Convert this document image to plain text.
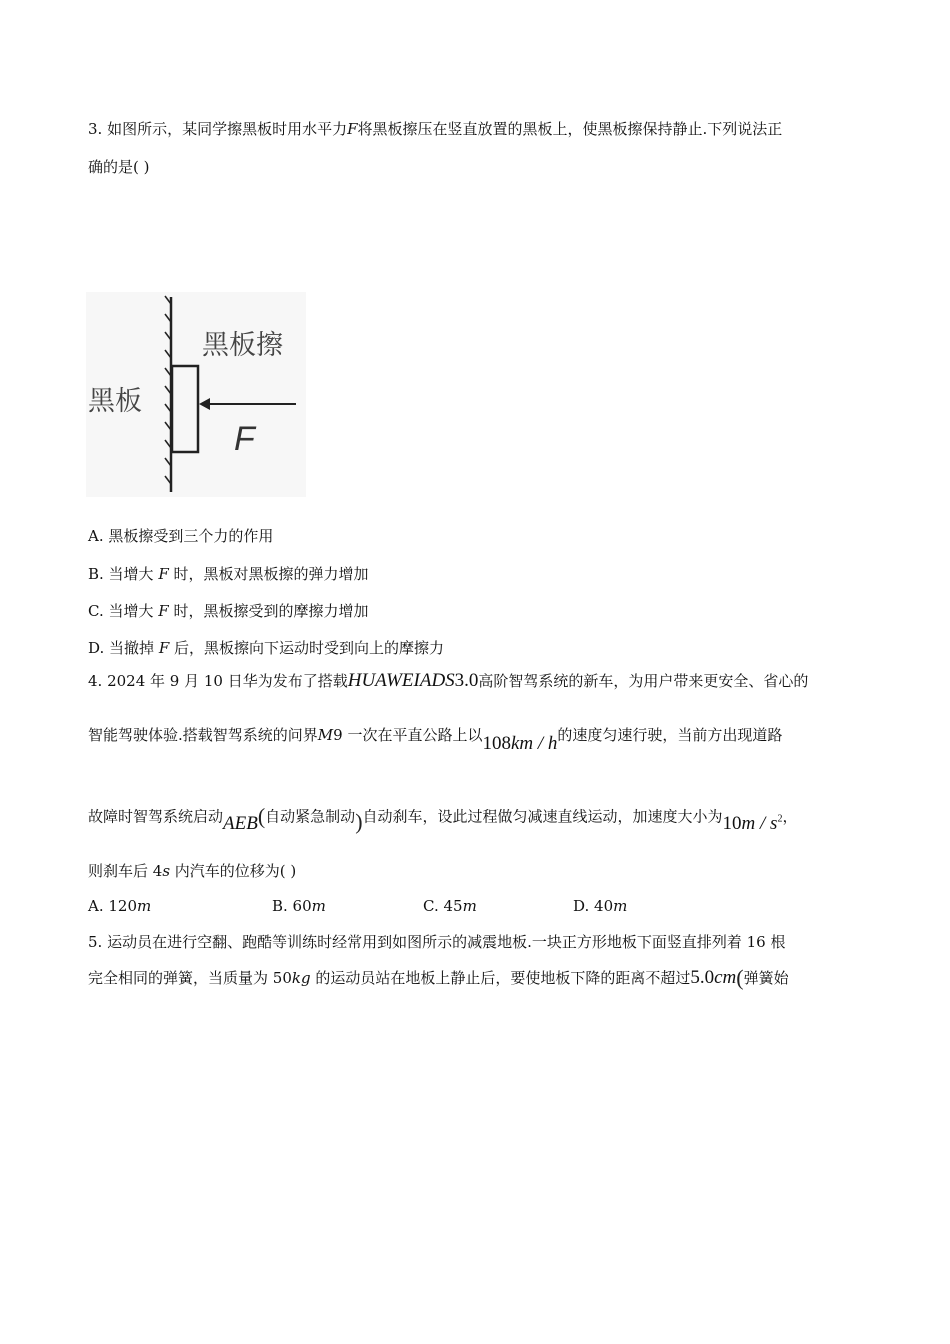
3. 如图所示，某同学擦黑板时用水平力F将黑板擦压在竖直放置的黑板上，使黑板擦保持静止.下列说法正
确的是( )
黑板擦
黑板
F
A. 黑板擦受到三个力的作用
B. 当增大 F 时，黑板对黑板擦的弹力增加
C. 当增大 F 时，黑板擦受到的摩擦力增加
D. 当撤掉 F 后，黑板擦向下运动时受到向上的摩擦力
4. 2024 年 9 月 10 日华为发布了搭载HUAWEIADS3.0高阶智驾系统的新车，为用户带来更安全、省心的
智能驾驶体验.搭载智驾系统的问界M9 一次在平直公路上以108km / h的速度匀速行驶，当前方出现道路
故障时智驾系统启动AEB(自动紧急制动)自动刹车，设此过程做匀减速直线运动，加速度大小为$10m / s^2$，
则刹车后 4s 内汽车的位移为( )
A. 120m	B. 60m	C. 45m	D. 40m
5. 运动员在进行空翻、跑酷等训练时经常用到如图所示的减震地板.一块正方形地板下面竖直排列着 16 根
完全相同的弹簧，当质量为 50kg 的运动员站在地板上静止后，要使地板下降的距离不超过5.0cm(弹簧始
